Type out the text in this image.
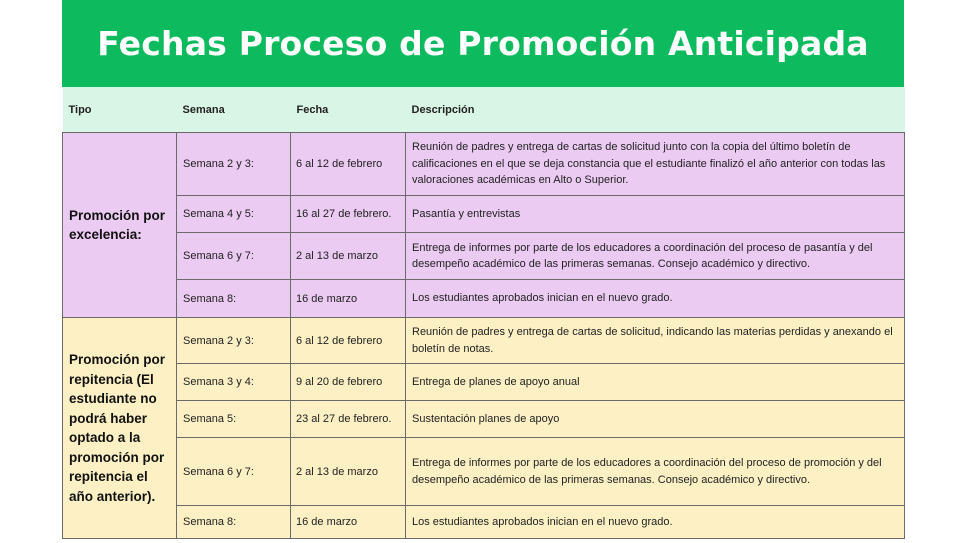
Fechas Proceso de Promoción Anticipada
Tipo	Semana	Fecha	Descripción
Promoción por excelencia:	Semana 2 y 3:	6 al 12 de febrero	Reunión de padres y entrega de cartas de solicitud junto con la copia del último boletín de calificaciones en el que se deja constancia que el estudiante finalizó el año anterior con todas las valoraciones académicas en Alto o Superior.
	Semana 4 y 5:	16 al 27 de febrero.	Pasantía y entrevistas
	Semana 6 y 7:	2 al 13 de marzo	Entrega de informes por parte de los educadores a coordinación del proceso de pasantía y del desempeño académico de las primeras semanas. Consejo académico y directivo.
	Semana 8:	16 de marzo	Los estudiantes aprobados inician en el nuevo grado.
Promoción por repitencia (El estudiante no podrá haber optado a la promoción por repitencia el año anterior).	Semana 2 y 3:	6 al 12 de febrero	Reunión de padres y entrega de cartas de solicitud, indicando las materias perdidas y anexando el boletín de notas.
	Semana 3 y 4:	9 al 20 de febrero	Entrega de planes de apoyo anual
	Semana 5:	23 al 27 de febrero.	Sustentación planes de apoyo
	Semana 6 y 7:	2 al 13 de marzo	Entrega de informes por parte de los educadores a coordinación del proceso de promoción y del desempeño académico de las primeras semanas. Consejo académico y directivo.
	Semana 8:	16 de marzo	Los estudiantes aprobados inician en el nuevo grado.
